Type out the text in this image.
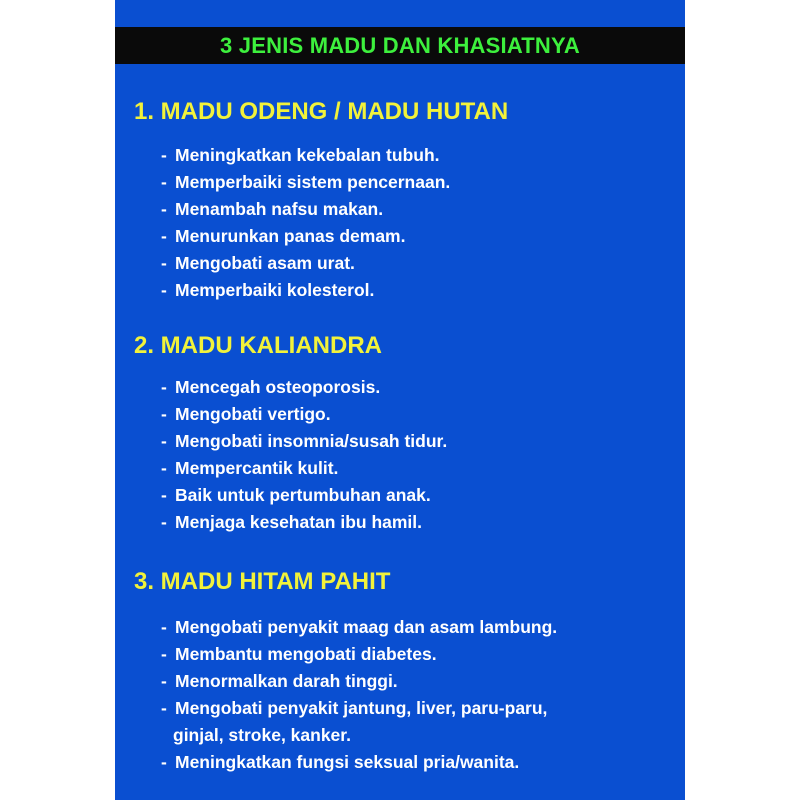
3 JENIS MADU DAN KHASIATNYA
1. MADU ODENG / MADU HUTAN
- Meningkatkan kekebalan tubuh.
- Memperbaiki sistem pencernaan.
- Menambah nafsu makan.
- Menurunkan panas demam.
- Mengobati asam urat.
- Memperbaiki kolesterol.
2. MADU KALIANDRA
- Mencegah osteoporosis.
- Mengobati vertigo.
- Mengobati insomnia/susah tidur.
- Mempercantik kulit.
- Baik untuk pertumbuhan anak.
- Menjaga kesehatan ibu hamil.
3. MADU HITAM PAHIT
- Mengobati penyakit maag dan asam lambung.
- Membantu mengobati diabetes.
- Menormalkan darah tinggi.
- Mengobati penyakit jantung, liver, paru-paru,
ginjal, stroke, kanker.
- Meningkatkan fungsi seksual pria/wanita.
